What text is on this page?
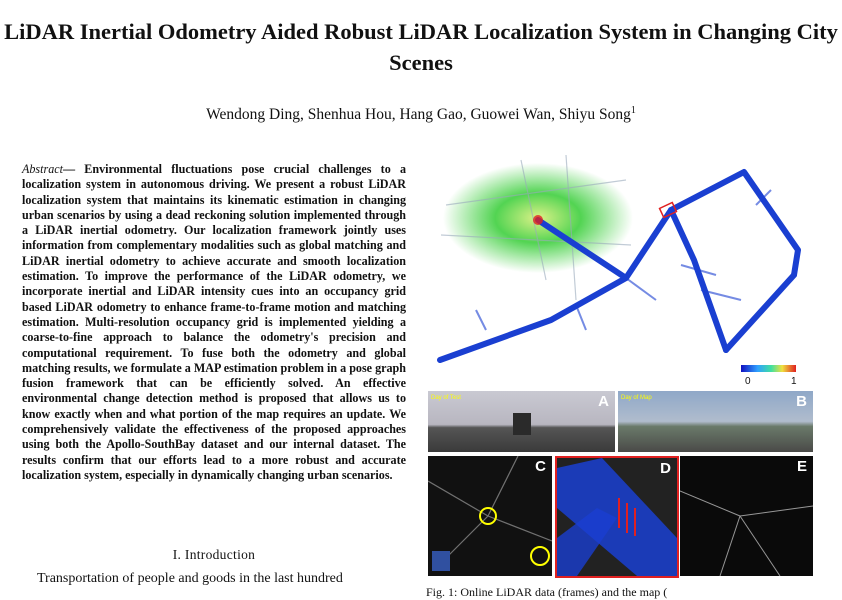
LiDAR Inertial Odometry Aided Robust LiDAR Localization System in Changing City Scenes

Wendong Ding, Shenhua Hou, Hang Gao, Guowei Wan, Shiyu Song$^1$

Abstract— Environmental fluctuations pose crucial challenges to a localization system in autonomous driving. We present a robust LiDAR localization system that maintains its kinematic estimation in changing urban scenarios by using a dead reckoning solution implemented through a LiDAR inertial odometry. Our localization framework jointly uses information from complementary modalities such as global matching and LiDAR inertial odometry to achieve accurate and smooth localization estimation. To improve the performance of the LiDAR odometry, we incorporate inertial and LiDAR intensity cues into an occupancy grid based LiDAR odometry to enhance frame-to-frame motion and matching estimation. Multi-resolution occupancy grid is implemented yielding a coarse-to-fine approach to balance the odometry's precision and computational requirement. To fuse both the odometry and global matching results, we formulate a MAP estimation problem in a pose graph fusion framework that can be efficiently solved. An effective environmental change detection method is proposed that allows us to know exactly when and what portion of the map requires an update. We comprehensively validate the effectiveness of the proposed approaches using both the Apollo-SouthBay dataset and our internal dataset. The results confirm that our efforts lead to a more robust and accurate localization system, especially in dynamically changing urban scenarios.

I. Introduction

Transportation of people and goods in the last hundred

0	1
Day of Test	A Day of Map	B
C	D	E

Fig. 1: Online LiDAR data (frames) and the map (
